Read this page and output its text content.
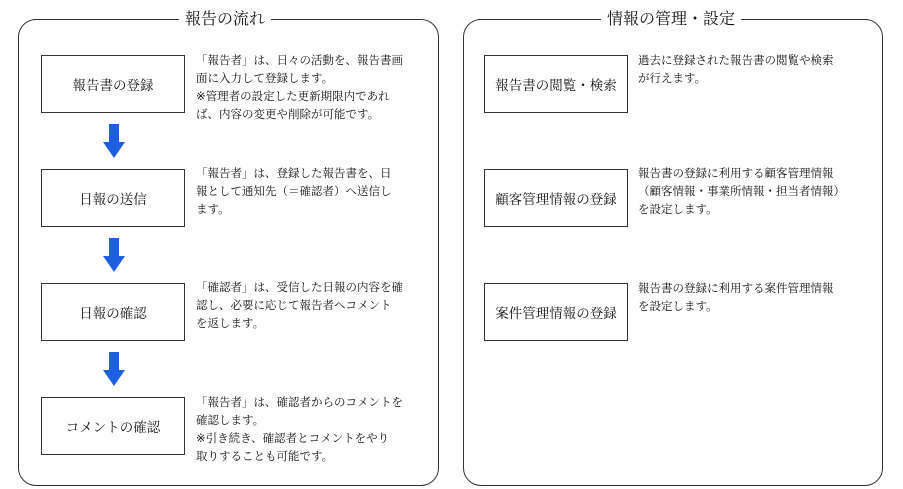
報告の流れ
報告書の登録
「報告者」は、日々の活動を、報告書画
面に入力して登録します。
※管理者の設定した更新期限内であれ
ば、内容の変更や削除が可能です。
日報の送信
「報告者」は、登録した報告書を、日
報として通知先（＝確認者）へ送信し
ます。
日報の確認
「確認者」は、受信した日報の内容を確
認し、必要に応じて報告者へコメント
を返します。
コメントの確認
「報告者」は、確認者からのコメントを
確認します。
※引き続き、確認者とコメントをやり
取りすることも可能です。
情報の管理・設定
報告書の閲覧・検索
過去に登録された報告書の閲覧や検索
が行えます。
顧客管理情報の登録
報告書の登録に利用する顧客管理情報
（顧客情報・事業所情報・担当者情報）
を設定します。
案件管理情報の登録
報告書の登録に利用する案件管理情報
を設定します。
